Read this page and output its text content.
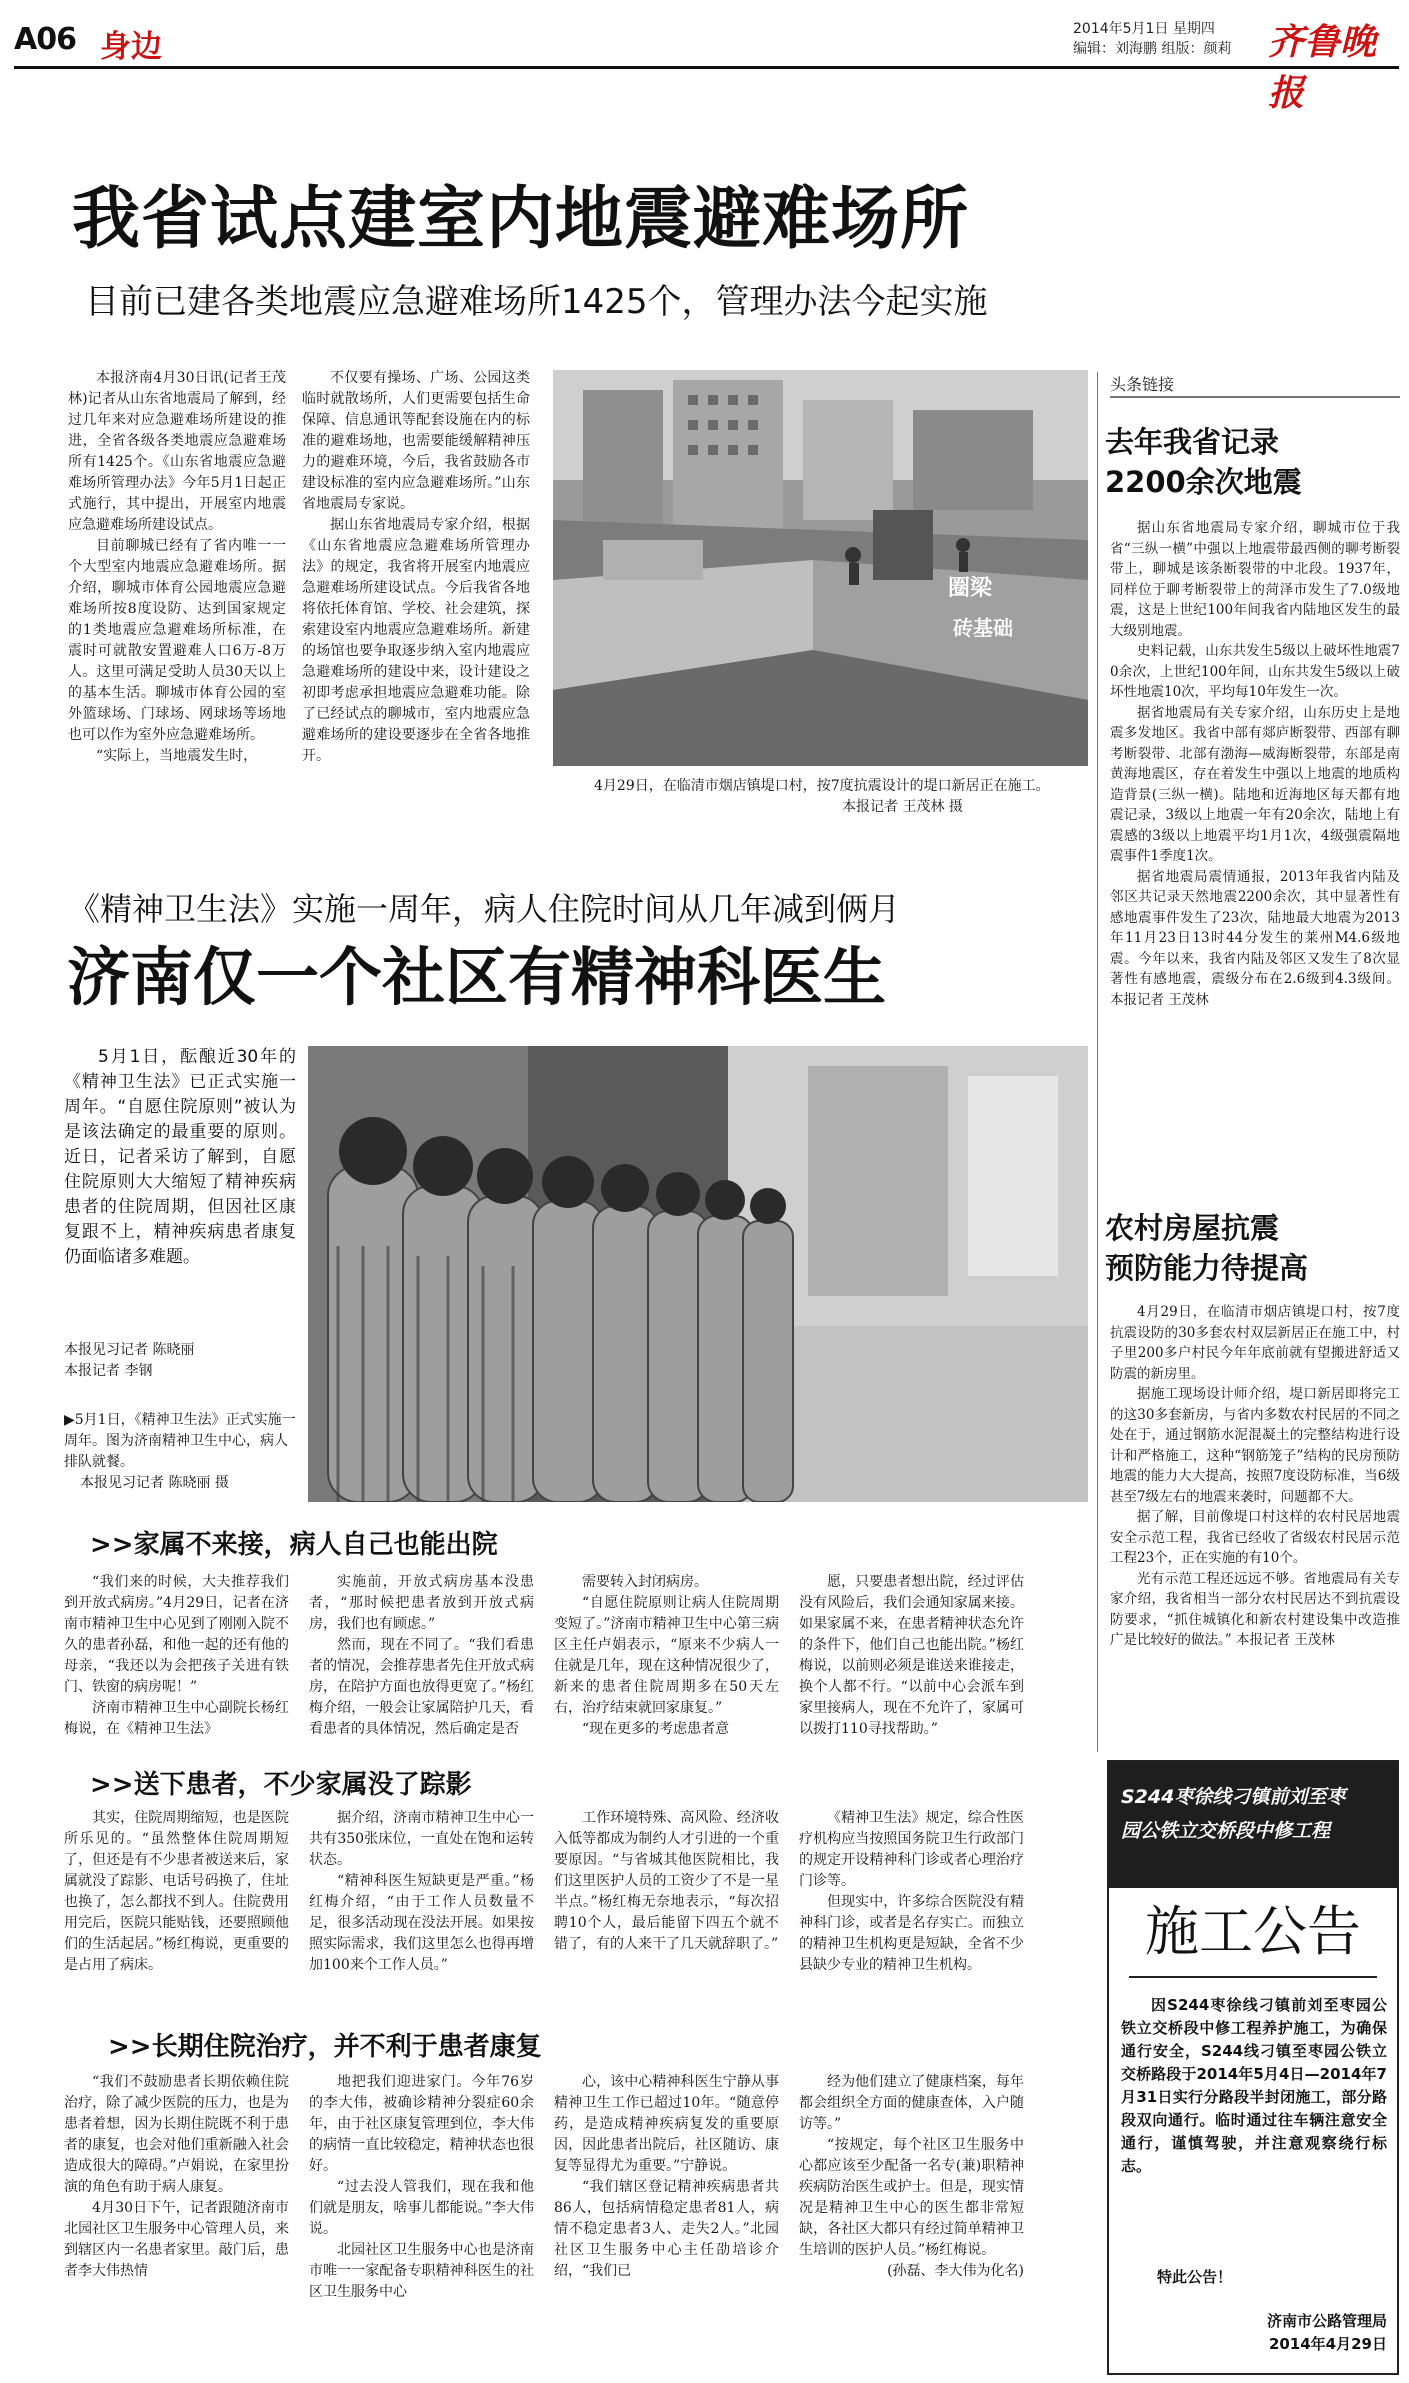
A06 身边	2014年5月1日 星期四
编辑：刘海鹏 组版：颜莉 齐鲁晚报
我省试点建室内地震避难场所
目前已建各类地震应急避难场所1425个，管理办法今起实施

本报济南4月30日讯(记者王茂林)记者从山东省地震局了解到，经过几年来对应急避难场所建设的推进，全省各级各类地震应急避难场所有1425个。《山东省地震应急避难场所管理办法》今年5月1日起正式施行，其中提出，开展室内地震应急避难场所建设试点。

目前聊城已经有了省内唯一一个大型室内地震应急避难场所。据介绍，聊城市体育公园地震应急避难场所按8度设防、达到国家规定的1类地震应急避难场所标准，在震时可就散安置避难人口6万-8万人。这里可满足受助人员30天以上的基本生活。聊城市体育公园的室外篮球场、门球场、网球场等场地也可以作为室外应急避难场所。

“实际上，当地震发生时，

不仅要有操场、广场、公园这类临时就散场所，人们更需要包括生命保障、信息通讯等配套设施在内的标准的避难场地，也需要能缓解精神压力的避难环境，今后，我省鼓励各市建设标准的室内应急避难场所。”山东省地震局专家说。

据山东省地震局专家介绍，根据《山东省地震应急避难场所管理办法》的规定，我省将开展室内地震应急避难场所建设试点。今后我省各地将依托体育馆、学校、社会建筑，探索建设室内地震应急避难场所。新建的场馆也要争取逐步纳入室内地震应急避难场所的建设中来，设计建设之初即考虑承担地震应急避难功能。除了已经试点的聊城市，室内地震应急避难场所的建设要逐步在全省各地推开。

圈梁
砖基础
4月29日，在临清市烟店镇堤口村，按7度抗震设计的堤口新居正在施工。
本报记者 王茂林 摄
《精神卫生法》实施一周年，病人住院时间从几年减到俩月
济南仅一个社区有精神科医生
5月1日，酝酿近30年的《精神卫生法》已正式实施一周年。“自愿住院原则”被认为是该法确定的最重要的原则。近日，记者采访了解到，自愿住院原则大大缩短了精神疾病患者的住院周期，但因社区康复跟不上，精神疾病患者康复仍面临诸多难题。
本报见习记者 陈晓丽
本报记者 李钢
▶5月1日，《精神卫生法》正式实施一周年。图为济南精神卫生中心，病人排队就餐。
本报见习记者 陈晓丽 摄
>>家属不来接，病人自己也能出院

“我们来的时候，大夫推荐我们到开放式病房。”4月29日，记者在济南市精神卫生中心见到了刚刚入院不久的患者孙磊，和他一起的还有他的母亲，“我还以为会把孩子关进有铁门、铁窗的病房呢！”

济南市精神卫生中心副院长杨红梅说，在《精神卫生法》

实施前，开放式病房基本没患者，“那时候把患者放到开放式病房，我们也有顾虑。”

然而，现在不同了。“我们看患者的情况，会推荐患者先住开放式病房，在陪护方面也放得更宽了。”杨红梅介绍，一般会让家属陪护几天，看看患者的具体情况，然后确定是否

需要转入封闭病房。

“自愿住院原则让病人住院周期变短了。”济南市精神卫生中心第三病区主任卢娟表示，“原来不少病人一住就是几年，现在这种情况很少了，新来的患者住院周期多在50天左右，治疗结束就回家康复。”

“现在更多的考虑患者意

愿，只要患者想出院，经过评估没有风险后，我们会通知家属来接。如果家属不来，在患者精神状态允许的条件下，他们自己也能出院。”杨红梅说，以前则必须是谁送来谁接走，换个人都不行。“以前中心会派车到家里接病人，现在不允许了，家属可以拨打110寻找帮助。”

>>送下患者，不少家属没了踪影

其实，住院周期缩短，也是医院所乐见的。“虽然整体住院周期短了，但还是有不少患者被送来后，家属就没了踪影、电话号码换了，住址也换了，怎么都找不到人。住院费用用完后，医院只能贴钱，还要照顾他们的生活起居。”杨红梅说，更重要的是占用了病床。

据介绍，济南市精神卫生中心一共有350张床位，一直处在饱和运转状态。

“精神科医生短缺更是严重。”杨红梅介绍，“由于工作人员数量不足，很多活动现在没法开展。如果按照实际需求，我们这里怎么也得再增加100来个工作人员。”

工作环境特殊、高风险、经济收入低等都成为制约人才引进的一个重要原因。“与省城其他医院相比，我们这里医护人员的工资少了不是一星半点。”杨红梅无奈地表示，“每次招聘10个人，最后能留下四五个就不错了，有的人来干了几天就辞职了。”

《精神卫生法》规定，综合性医疗机构应当按照国务院卫生行政部门的规定开设精神科门诊或者心理治疗门诊等。

但现实中，许多综合医院没有精神科门诊，或者是名存实亡。而独立的精神卫生机构更是短缺，全省不少县缺少专业的精神卫生机构。

>>长期住院治疗，并不利于患者康复

“我们不鼓励患者长期依赖住院治疗，除了减少医院的压力，也是为患者着想，因为长期住院既不利于患者的康复，也会对他们重新融入社会造成很大的障碍。”卢娟说，在家里扮演的角色有助于病人康复。

4月30日下午，记者跟随济南市北园社区卫生服务中心管理人员，来到辖区内一名患者家里。敲门后，患者李大伟热情

地把我们迎进家门。今年76岁的李大伟，被确诊精神分裂症60余年，由于社区康复管理到位，李大伟的病情一直比较稳定，精神状态也很好。

“过去没人管我们，现在我和他们就是朋友，啥事儿都能说。”李大伟说。

北园社区卫生服务中心也是济南市唯一一家配备专职精神科医生的社区卫生服务中心

心，该中心精神科医生宁静从事精神卫生工作已超过10年。“随意停药，是造成精神疾病复发的重要原因，因此患者出院后，社区随访、康复等显得尤为重要。”宁静说。

“我们辖区登记精神疾病患者共86人，包括病情稳定患者81人，病情不稳定患者3人、走失2人。”北园社区卫生服务中心主任劭培诊介绍，“我们已

经为他们建立了健康档案，每年都会组织全方面的健康查体，入户随访等。”

“按规定，每个社区卫生服务中心都应该至少配备一名专(兼)职精神疾病防治医生或护士。但是，现实情况是精神卫生中心的医生都非常短缺，各社区大都只有经过简单精神卫生培训的医护人员。”杨红梅说。

(孙磊、李大伟为化名)

头条链接
去年我省记录
2200余次地震

据山东省地震局专家介绍，聊城市位于我省“三纵一横”中强以上地震带最西侧的聊考断裂带上，聊城是该条断裂带的中北段。1937年，同样位于聊考断裂带上的菏泽市发生了7.0级地震，这是上世纪100年间我省内陆地区发生的最大级别地震。

史料记载，山东共发生5级以上破坏性地震70余次，上世纪100年间，山东共发生5级以上破坏性地震10次，平均每10年发生一次。

据省地震局有关专家介绍，山东历史上是地震多发地区。我省中部有郯庐断裂带、西部有聊考断裂带、北部有渤海—威海断裂带，东部是南黄海地震区，存在着发生中强以上地震的地质构造背景(三纵一横)。陆地和近海地区每天都有地震记录，3级以上地震一年有20余次，陆地上有震感的3级以上地震平均1月1次，4级强震隔地震事件1季度1次。

据省地震局震情通报，2013年我省内陆及邻区共记录天然地震2200余次，其中显著性有感地震事件发生了23次，陆地最大地震为2013年11月23日13时44分发生的莱州M4.6级地震。今年以来，我省内陆及邻区又发生了8次显著性有感地震，震级分布在2.6级到4.3级间。 本报记者 王茂林

农村房屋抗震
预防能力待提高

4月29日，在临清市烟店镇堤口村，按7度抗震设防的30多套农村双层新居正在施工中，村子里200多户村民今年年底前就有望搬进舒适又防震的新房里。

据施工现场设计师介绍，堤口新居即将完工的这30多套新房，与省内多数农村民居的不同之处在于，通过钢筋水泥混凝土的完整结构进行设计和严格施工，这种“钢筋笼子”结构的民房预防地震的能力大大提高，按照7度设防标准，当6级甚至7级左右的地震来袭时，问题都不大。

据了解，目前像堤口村这样的农村民居地震安全示范工程，我省已经收了省级农村民居示范工程23个，正在实施的有10个。

光有示范工程还远远不够。省地震局有关专家介绍，我省相当一部分农村民居达不到抗震设防要求，“抓住城镇化和新农村建设集中改造推广是比较好的做法。” 本报记者 王茂林

S244枣徐线刁镇前刘至枣
园公铁立交桥段中修工程
施工公告
因S244枣徐线刁镇前刘至枣园公铁立交桥段中修工程养护施工，为确保通行安全，S244线刁镇至枣园公铁立交桥路段于2014年5月4日—2014年7月31日实行分路段半封闭施工，部分路段双向通行。临时通过往车辆注意安全通行，谨慎驾驶，并注意观察绕行标志。
特此公告！
济南市公路管理局
2014年4月29日
